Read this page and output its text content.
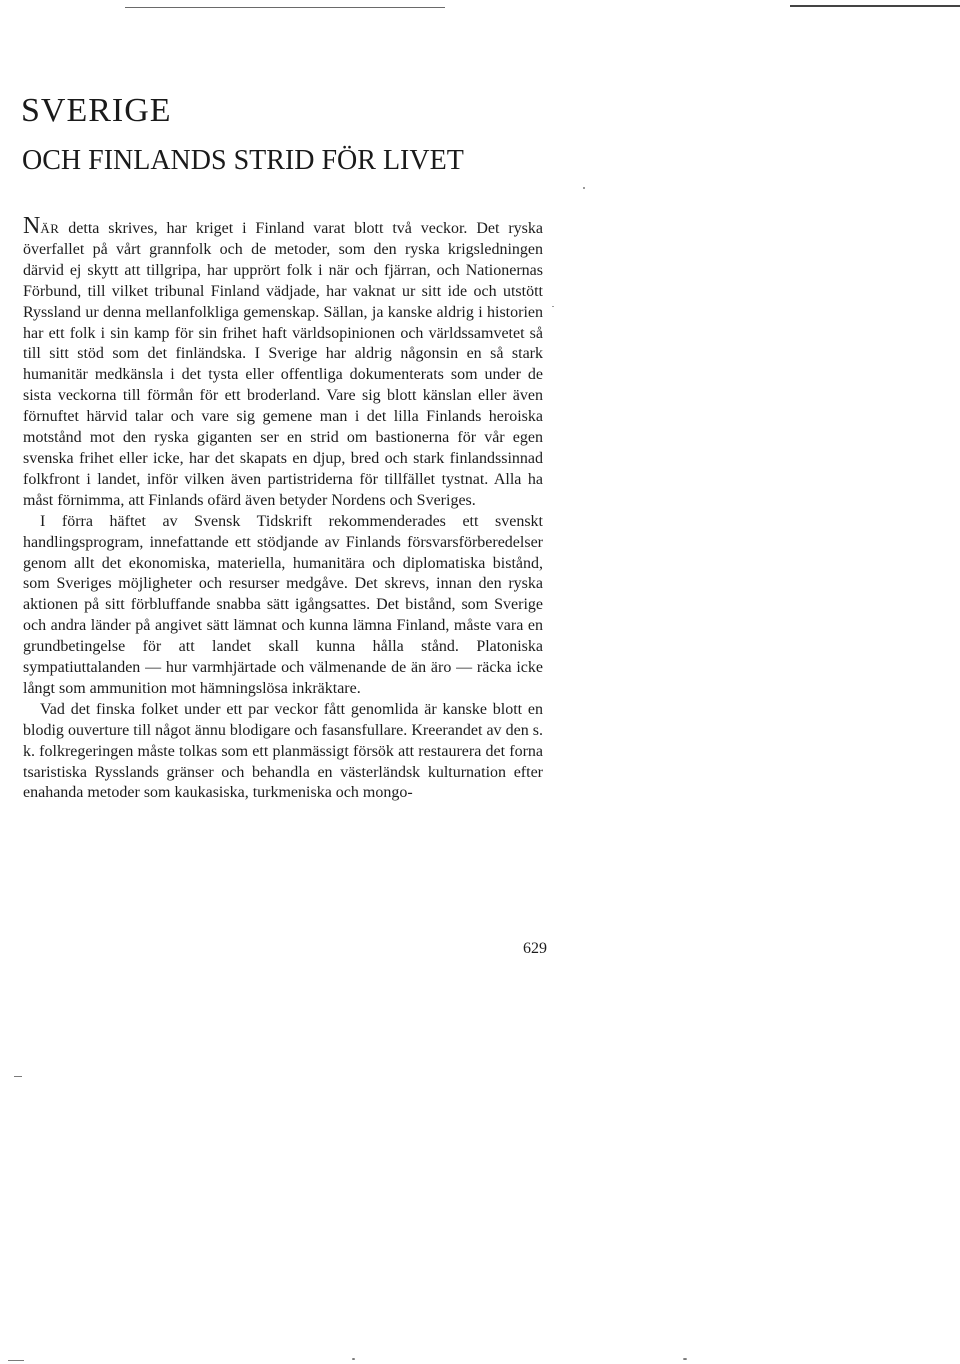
SVERIGE
OCH FINLANDS STRID FÖR LIVET

NÄR detta skrives, har kriget i Finland varat blott två veckor. Det ryska överfallet på vårt grannfolk och de metoder, som den ryska krigsledningen därvid ej skytt att tillgripa, har upprört folk i när och fjärran, och Nationernas Förbund, till vilket tribunal Finland vädjade, har vaknat ur sitt ide och utstött Ryssland ur denna mellanfolkliga gemenskap. Sällan, ja kanske aldrig i historien har ett folk i sin kamp för sin frihet haft världsopinionen och världssamvetet så till sitt stöd som det finländska. I Sverige har aldrig någonsin en så stark humanitär medkänsla i det tysta eller offentliga dokumenterats som under de sista veckorna till förmån för ett broderland. Vare sig blott känslan eller även förnuftet härvid talar och vare sig gemene man i det lilla Finlands heroiska motstånd mot den ryska giganten ser en strid om bastionerna för vår egen svenska frihet eller icke, har det skapats en djup, bred och stark finlandssinnad folkfront i landet, inför vilken även partistriderna för tillfället tystnat. Alla ha måst förnimma, att Finlands ofärd även betyder Nordens och Sveriges.

I förra häftet av Svensk Tidskrift rekommenderades ett svenskt handlingsprogram, innefattande ett stödjande av Finlands försvarsförberedelser genom allt det ekonomiska, materiella, humanitära och diplomatiska bistånd, som Sveriges möjligheter och resurser medgåve. Det skrevs, innan den ryska aktionen på sitt förbluffande snabba sätt igångsattes. Det bistånd, som Sverige och andra länder på angivet sätt lämnat och kunna lämna Finland, måste vara en grundbetingelse för att landet skall kunna hålla stånd. Platoniska sympatiuttalanden — hur varmhjärtade och välmenande de än äro — räcka icke långt som ammunition mot hämningslösa inkräktare.

Vad det finska folket under ett par veckor fått genomlida är kanske blott en blodig ouverture till något ännu blodigare och fasansfullare. Kreerandet av den s. k. folkregeringen måste tolkas som ett planmässigt försök att restaurera det forna tsaristiska Rysslands gränser och behandla en västerländsk kulturnation efter enahanda metoder som kaukasiska, turkmeniska och mongo-

629
